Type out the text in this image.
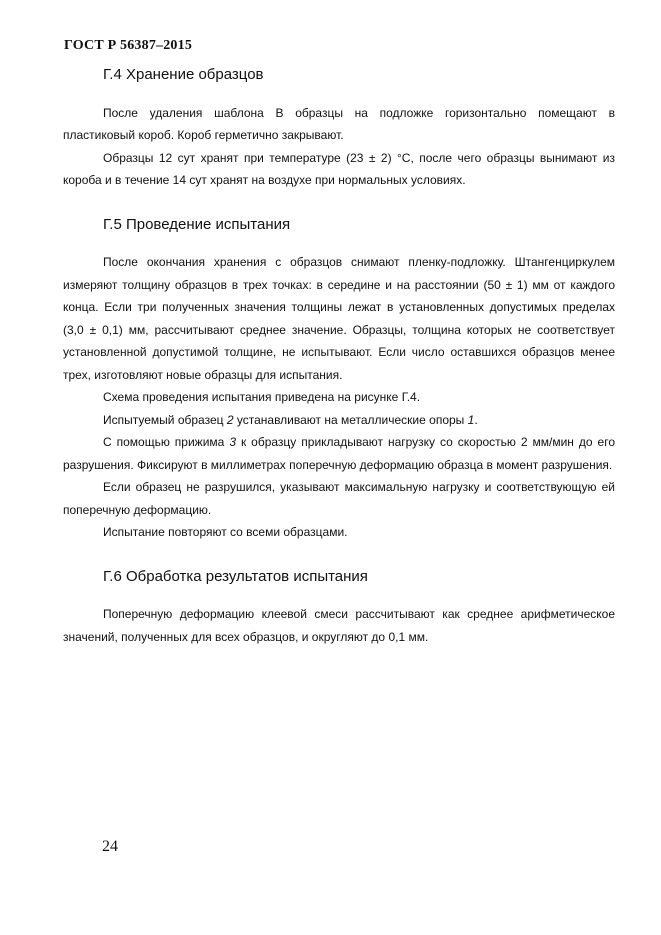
ГОСТ Р 56387–2015
Г.4 Хранение образцов

После удаления шаблона В образцы на подложке горизонтально помещают в пластиковый короб. Короб герметично закрывают.

Образцы 12 сут хранят при температуре (23 ± 2) °С, после чего образцы вынимают из короба и в течение 14 сут хранят на воздухе при нормальных условиях.

Г.5 Проведение испытания

После окончания хранения с образцов снимают пленку-подложку. Штангенциркулем измеряют толщину образцов в трех точках: в середине и на расстоянии (50 ± 1) мм от каждого конца. Если три полученных значения толщины лежат в установленных допустимых пределах (3,0 ± 0,1) мм, рассчитывают среднее значение. Образцы, толщина которых не соответствует установленной допустимой толщине, не испытывают. Если число оставшихся образцов менее трех, изготовляют новые образцы для испытания.

Схема проведения испытания приведена на рисунке Г.4.

Испытуемый образец 2 устанавливают на металлические опоры 1.

С помощью прижима 3 к образцу прикладывают нагрузку со скоростью 2 мм/мин до его разрушения. Фиксируют в миллиметрах поперечную деформацию образца в момент разрушения.

Если образец не разрушился, указывают максимальную нагрузку и соответствующую ей поперечную деформацию.

Испытание повторяют со всеми образцами.

Г.6 Обработка результатов испытания

Поперечную деформацию клеевой смеси рассчитывают как среднее арифметическое значений, полученных для всех образцов, и округляют до 0,1 мм.

24
